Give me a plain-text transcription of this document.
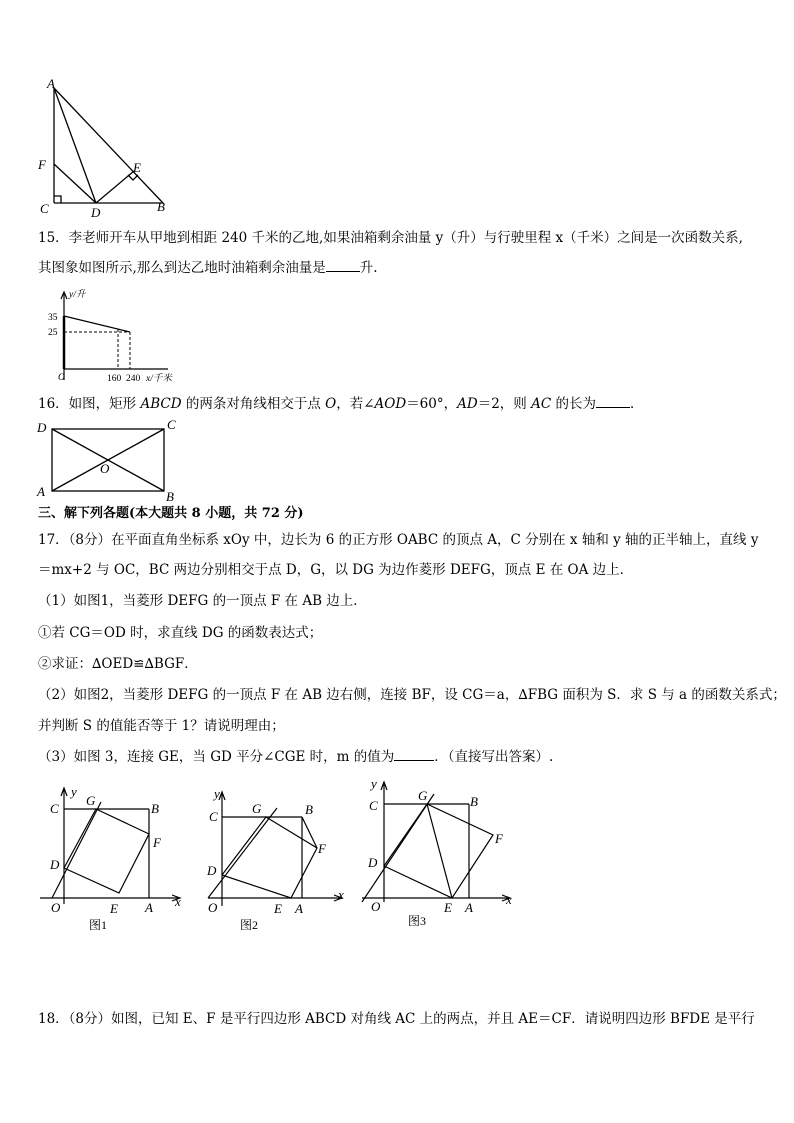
A
F	E
C	D	B
15．李老师开车从甲地到相距 240 千米的乙地,如果油箱剩余油量 y（升）与行驶里程 x（千米）之间是一次函数关系,
其图象如图所示,那么到达乙地时油箱剩余油量是	升.
y/升
35
25
O	160 240 x/千米
16．如图，矩形 ABCD 的两条对角线相交于点 O，若∠AOD＝60°，AD＝2，则 AC 的长为	．
D	C
O
A	B
三、解下列各题(本大题共 8 小题，共 72 分)
17．（8分）在平面直角坐标系 xOy 中，边长为 6 的正方形 OABC 的顶点 A，C 分别在 x 轴和 y 轴的正半轴上，直线 y
＝mx+2 与 OC，BC 两边分别相交于点 D，G，以 DG 为边作菱形 DEFG，顶点 E 在 OA 边上．
（1）如图1，当菱形 DEFG 的一顶点 F 在 AB 边上．
①若 CG＝OD 时，求直线 DG 的函数表达式；
②求证：∆OED≌∆BGF．
（2）如图2，当菱形 DEFG 的一顶点 F 在 AB 边右侧，连接 BF，设 CG＝a，∆FBG 面积为 S．求 S 与 a 的函数关系式；
并判断 S 的值能否等于 1？请说明理由；
（3）如图 3，连接 GE，当 GD 平分∠CGE 时，m 的值为	．（直接写出答案）.
y
C
G
B
F
D
O	E A x
图1
y
C
G	B
F
D
O	E A
x
图2
y
C
G	B
F
D
O	E A
x
图3
18．（8分）如图，已知 E、F 是平行四边形 ABCD 对角线 AC 上的两点，并且 AE＝CF．请说明四边形 BFDE 是平行
